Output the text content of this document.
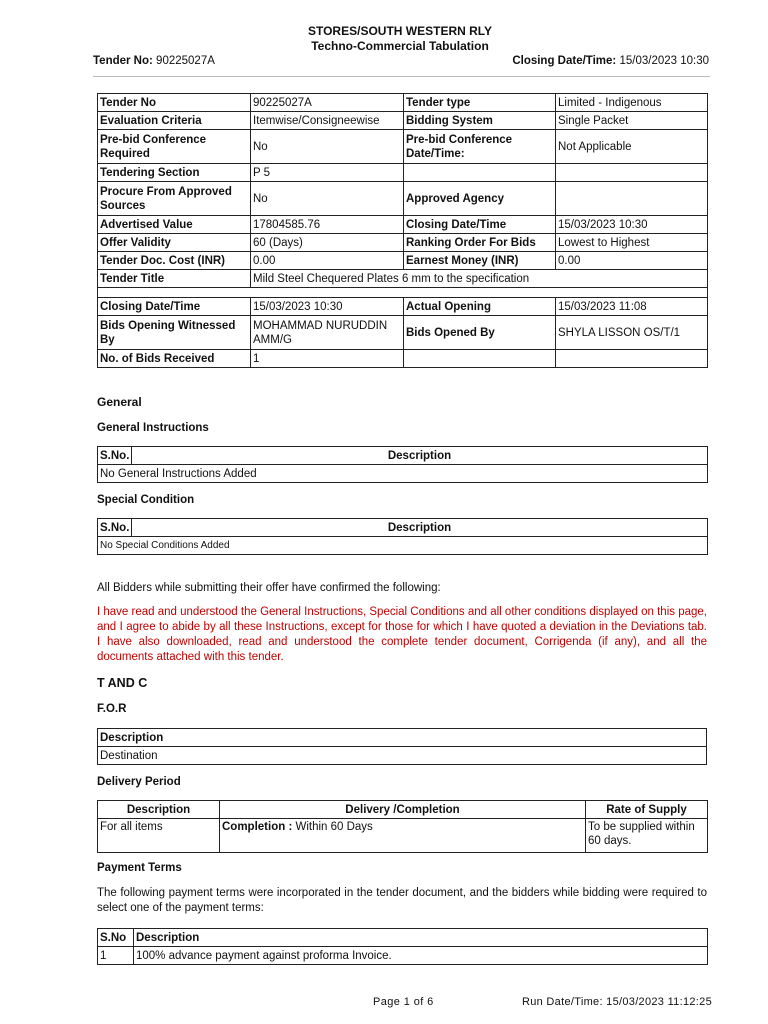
STORES/SOUTH WESTERN RLY
Techno-Commercial Tabulation
Tender No: 90225027A	Closing Date/Time: 15/03/2023 10:30
Tender No	90225027A	Tender type	Limited - Indigenous
Evaluation Criteria	Itemwise/Consigneewise	Bidding System	Single Packet
Pre-bid Conference Required	No	Pre-bid Conference Date/Time:	Not Applicable
Tendering Section	P 5		
Procure From Approved Sources	No	Approved Agency	
Advertised Value	17804585.76	Closing Date/Time	15/03/2023 10:30
Offer Validity	60 (Days)	Ranking Order For Bids	Lowest to Highest
Tender Doc. Cost (INR)	0.00	Earnest Money (INR)	0.00
Tender Title	Mild Steel Chequered Plates 6 mm to the specification		

Closing Date/Time	15/03/2023 10:30	Actual Opening	15/03/2023 11:08
Bids Opening Witnessed By	MOHAMMAD NURUDDIN AMM/G	Bids Opened By	SHYLA LISSON OS/T/1
No. of Bids Received	1		
General
General Instructions
S.No.	Description
No General Instructions Added
Special Condition
S.No.	Description
No Special Conditions Added
All Bidders while submitting their offer have confirmed the following:

I have read and understood the General Instructions, Special Conditions and all other conditions displayed on this page, and I agree to abide by all these Instructions, except for those for which I have quoted a deviation in the Deviations tab. I have also downloaded, read and understood the complete tender document, Corrigenda (if any), and all the documents attached with this tender.

T AND C
F.O.R
Description
Destination
Delivery Period
Description	Delivery /Completion	Rate of Supply
For all items	Completion : Within 60 Days	To be supplied within 60 days.
Payment Terms

The following payment terms were incorporated in the tender document, and the bidders while bidding were required to select one of the payment terms:

S.No	Description
1	100% advance payment against proforma Invoice.
Page 1 of 6	Run Date/Time: 15/03/2023 11:12:25
